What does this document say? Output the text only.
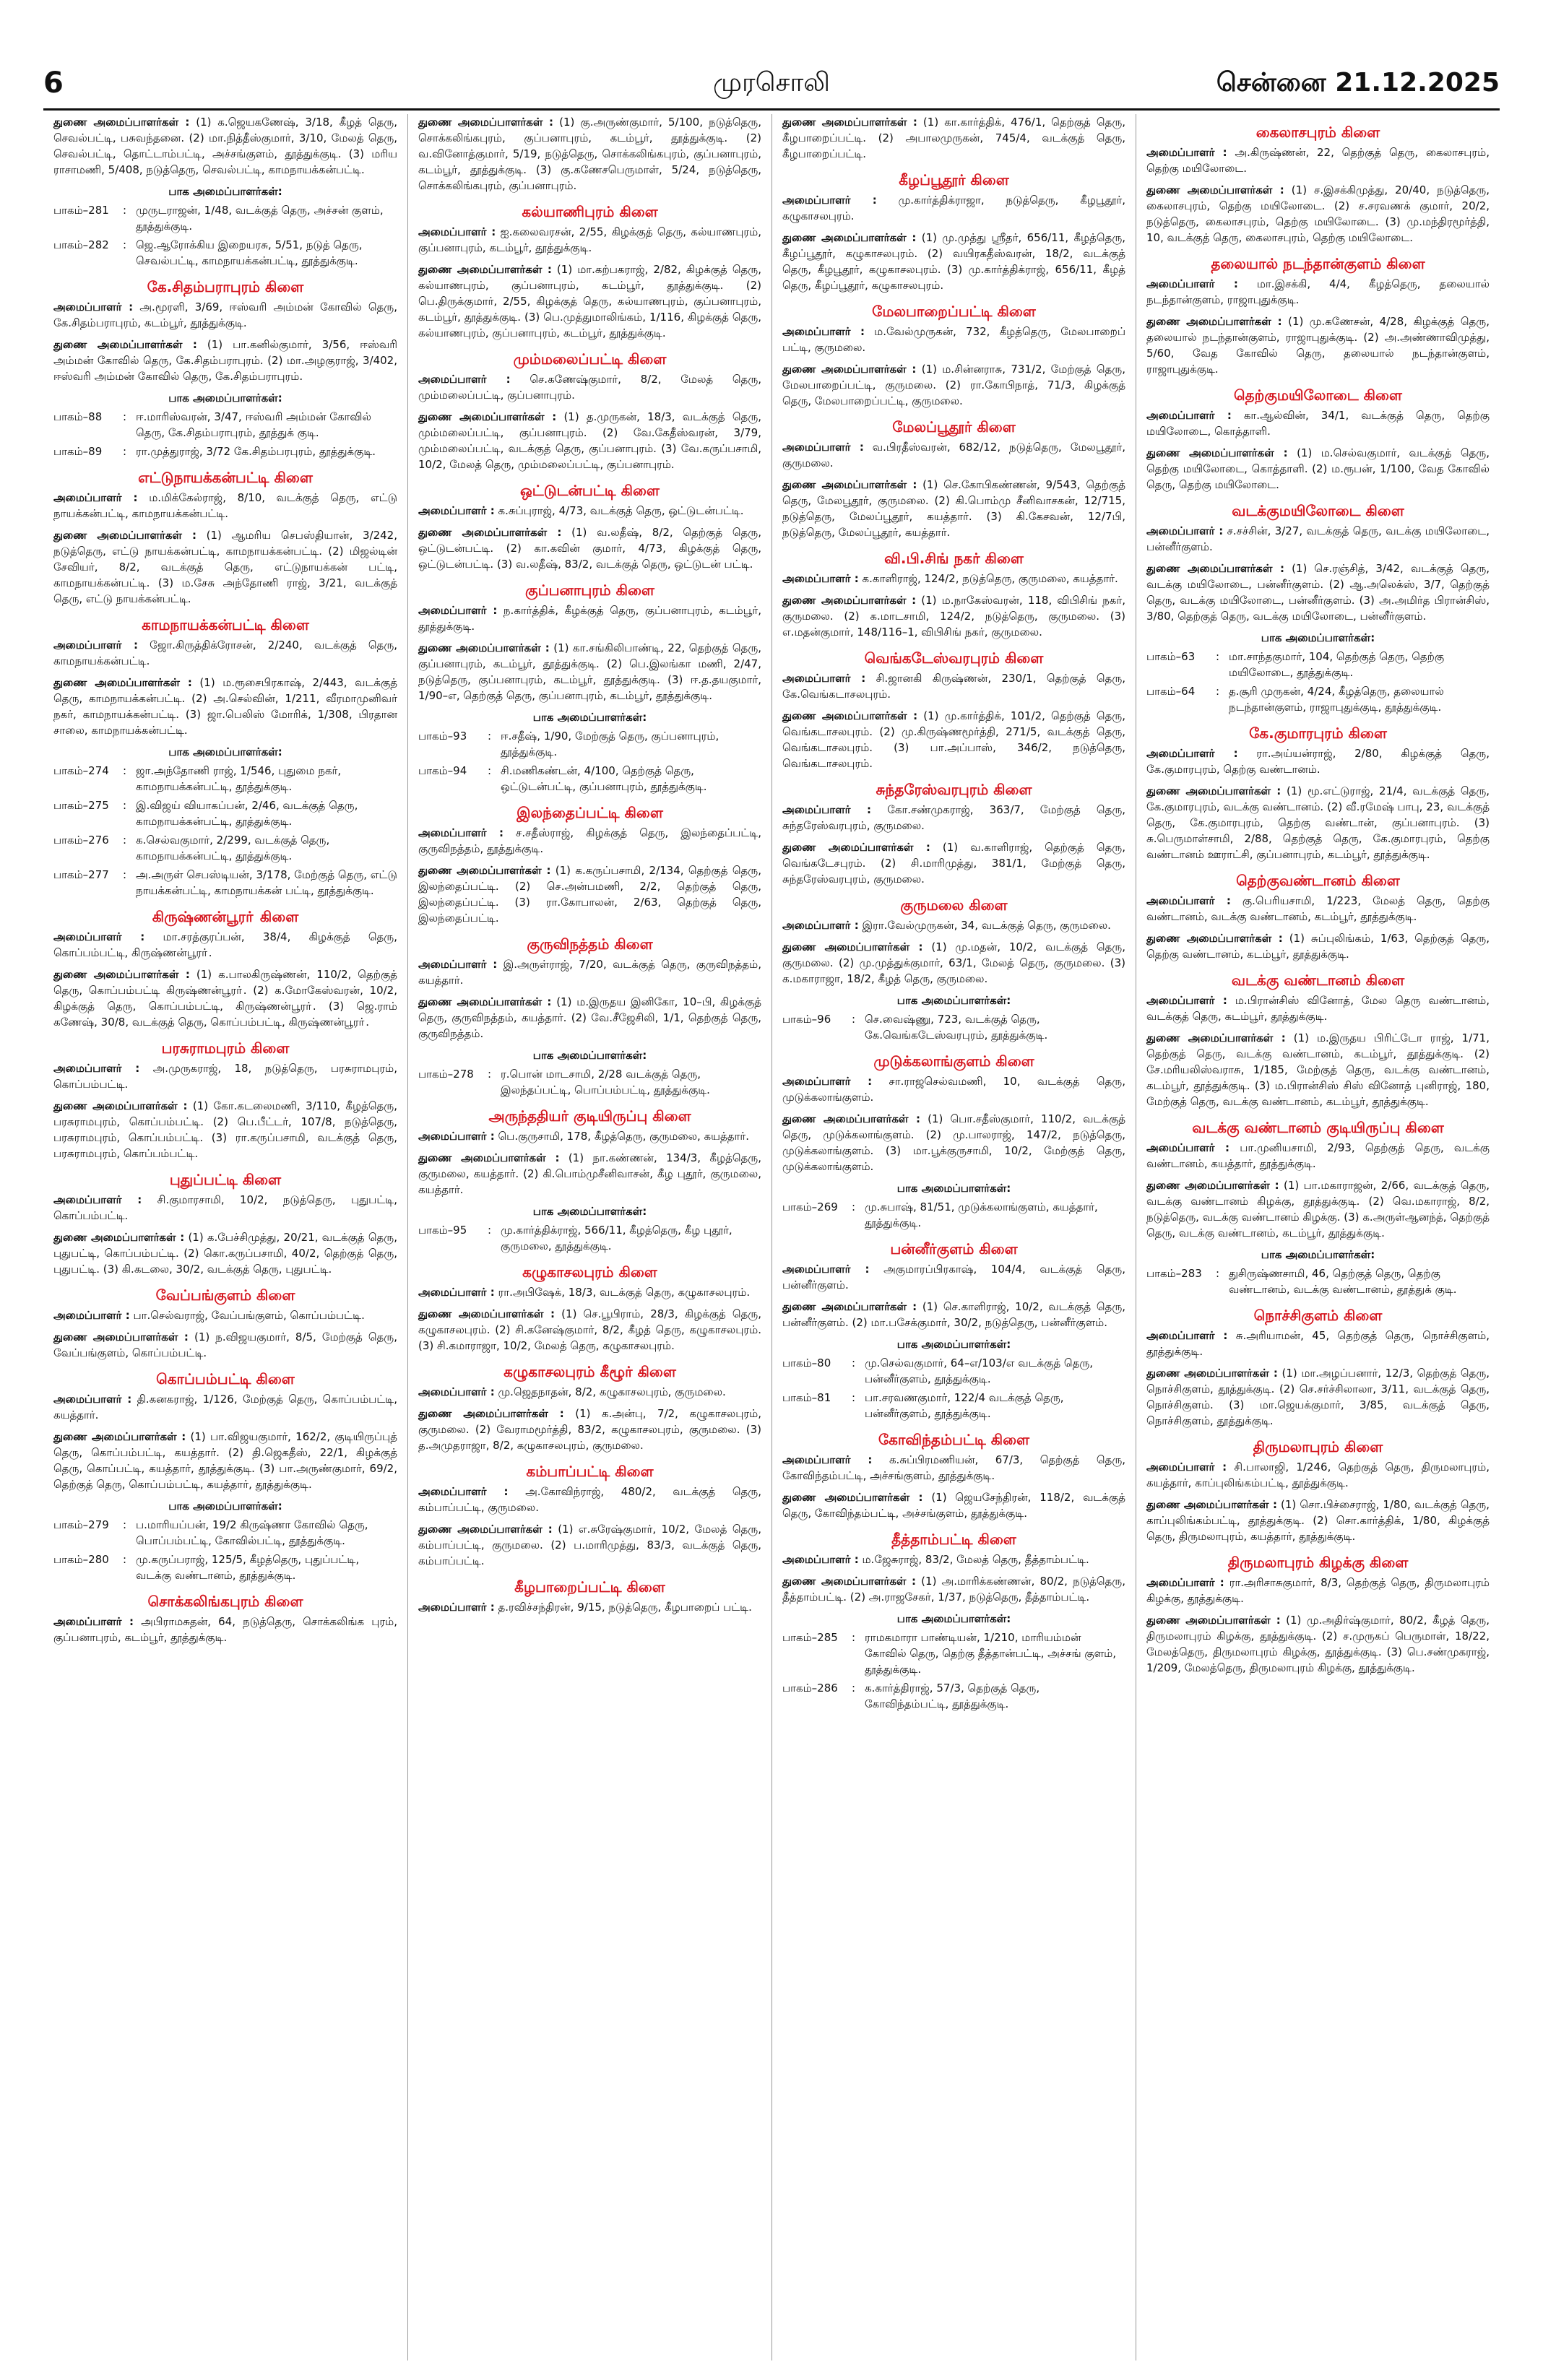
6	முரசொலி	சென்னை 21.12.2025
துணை அமைப்பாளர்கள் : (1) க.ஜெயகணேஷ், 3/18, கீழத் தெரு, செவல்பட்டி, பசுவந்தனை. (2) மா.நித்தீஸ்குமார், 3/10, மேலத் தெரு, செவல்பட்டி, தொட்டாம்பட்டி, அச்சங்குளம், தூத்துக்குடி. (3) மரிய ராசாமணி, 5/408, நடுத்தெரு, செவல்பட்டி, காமநாயக்கன்பட்டி.
பாக அமைப்பாளர்கள்:
பாகம்–281	: முருடராஜன், 1/48, வடக்குத் தெரு, அச்சன் குளம், தூத்துக்குடி.
பாகம்–282	: ஜெ.ஆரோக்கிய இறையரசு, 5/51, நடுத் தெரு, செவல்பட்டி, காமநாயக்கன்பட்டி, தூத்துக்குடி.
கே.சிதம்பராபுரம் கிளை
அமைப்பாளர் : அ.மூரளி, 3/69, ஈஸ்வரி அம்மன் கோவில் தெரு, கே.சிதம்பராபுரம், கடம்பூர், தூத்துக்குடி.
துணை அமைப்பாளர்கள் : (1) பா.கனில்குமார், 3/56, ஈஸ்வரி அம்மன் கோவில் தெரு, கே.சிதம்பராபுரம். (2) மா.அழகுராஜ், 3/402, ஈஸ்வரி அம்மன் கோவில் தெரு, கே.சிதம்பராபுரம்.
பாக அமைப்பாளர்கள்:
பாகம்–88	: ஈ.மாரிஸ்வரன், 3/47, ஈஸ்வரி அம்மன் கோவில் தெரு, கே.சிதம்பராபுரம், தூத்துக் குடி.
பாகம்–89	: ரா.முத்துராஜ், 3/72 கே.சிதம்பரபுரம், தூத்துக்குடி.
எட்டுநாயக்கன்பட்டி கிளை
அமைப்பாளர் : ம.மிக்கேல்ராஜ், 8/10, வடக்குத் தெரு, எட்டு நாயக்கன்பட்டி, காமநாயக்கன்பட்டி.
துணை அமைப்பாளர்கள் : (1) ஆமரிய செபஸ்தியான், 3/242, நடுத்தெரு, எட்டு நாயக்கன்பட்டி, காமநாயக்கன்பட்டி. (2) மிஜல்டின் சேவியர், 8/2, வடக்குத் தெரு, எட்டுநாயக்கன் பட்டி, காமநாயக்கன்பட்டி. (3) ம.சேசு அந்தோணி ராஜ், 3/21, வடக்குத் தெரு, எட்டு நாயக்கன்பட்டி.
காமநாயக்கன்பட்டி கிளை
அமைப்பாளர் : ஜோ.கிருத்திக்ரோசன், 2/240, வடக்குத் தெரு, காமநாயக்கன்பட்டி.
துணை அமைப்பாளர்கள் : (1) ம.ரூசைபிரகாஷ், 2/443, வடக்குத் தெரு, காமநாயக்கன்பட்டி. (2) அ.செல்வின், 1/211, வீரமாமுனிவர் நகர், காமநாயக்கன்பட்டி. (3) ஜா.பெலிஸ் மோரிக், 1/308, பிரதான சாலை, காமநாயக்கன்பட்டி.
பாக அமைப்பாளர்கள்:
பாகம்–274	: ஜா.அந்தோணி ராஜ், 1/546, புதுமை நகர், காமநாயக்கன்பட்டி, தூத்துக்குடி.
பாகம்–275	: இ.விஜய் வியாகப்பன், 2/46, வடக்குத் தெரு, காமநாயக்கன்பட்டி, தூத்துக்குடி.
பாகம்–276	: க.செல்வகுமார், 2/299, வடக்குத் தெரு, காமநாயக்கன்பட்டி, தூத்துக்குடி.
பாகம்–277	: அ.அருள் செபஸ்டியன், 3/178, மேற்குத் தெரு, எட்டு நாயக்கன்பட்டி, காமநாயக்கன் பட்டி, தூத்துக்குடி.
கிருஷ்ணன்பூரா் கிளை
அமைப்பாளர் : மா.சரத்குரப்பன், 38/4, கிழக்குத் தெரு, கொப்பம்பட்டி, கிருஷ்ணன்பூரா்.
துணை அமைப்பாளர்கள் : (1) க.பாலகிருஷ்ணன், 110/2, தெற்குத் தெரு, கொப்பம்பட்டி கிருஷ்ணன்பூரா். (2) க.மோகேஸ்வரன், 10/2, கிழக்குத் தெரு, கொப்பம்பட்டி, கிருஷ்ணன்பூரா். (3) ஜெ.ராம் கணேஷ், 30/8, வடக்குத் தெரு, கொப்பம்பட்டி, கிருஷ்ணன்பூரா்.
பரசுராமபுரம் கிளை
அமைப்பாளர் : அ.முருகராஜ், 18, நடுத்தெரு, பரசுராமபுரம், கொப்பம்பட்டி.
துணை அமைப்பாளர்கள் : (1) கோ.கடலைமணி, 3/110, கீழத்தெரு, பரசுராமபுரம், கொப்பம்பட்டி. (2) பெ.பீட்டர், 107/8, நடுத்தெரு, பரசுராமபுரம், கொப்பம்பட்டி. (3) ரா.கருப்பசாமி, வடக்குத் தெரு, பரசுராமபுரம், கொப்பம்பட்டி.
புதுப்பட்டி கிளை
அமைப்பாளர் : சி.குமாரசாமி, 10/2, நடுத்தெரு, புதுபட்டி, கொப்பம்பட்டி.
துணை அமைப்பாளர்கள் : (1) க.பேச்சிமுத்து, 20/21, வடக்குத் தெரு, புதுபட்டி, கொப்பம்பட்டி. (2) கொ.கருப்பசாமி, 40/2, தெற்குத் தெரு, புதுபட்டி. (3) கி.கடலை, 30/2, வடக்குத் தெரு, புதுபட்டி.
வேப்பங்குளம் கிளை
அமைப்பாளர் : பா.செல்வராஜ், வேப்பங்குளம், கொப்பம்பட்டி.
துணை அமைப்பாளர்கள் : (1) ந.விஜயகுமார், 8/5, மேற்குத் தெரு, வேப்பங்குளம், கொப்பம்பட்டி.
கொப்பம்பட்டி கிளை
அமைப்பாளர் : தி.கனகராஜ், 1/126, மேற்குத் தெரு, கொப்பம்பட்டி, கயத்தார்.
துணை அமைப்பாளர்கள் : (1) பா.விஜயகுமார், 162/2, குடியிருப்புத் தெரு, கொப்பம்பட்டி, கயத்தார். (2) தி.ஜெகதீஸ், 22/1, கிழக்குத் தெரு, கொப்பட்டி, கயத்தார், தூத்துக்குடி. (3) பா.அருண்குமார், 69/2, தெற்குத் தெரு, கொப்பம்பட்டி, கயத்தார், தூத்துக்குடி.
பாக அமைப்பாளர்கள்:
பாகம்–279	: ப.மாரியப்பன், 19/2 கிருஷ்ணா கோவில் தெரு, பொப்பம்பட்டி, கோவில்பட்டி, தூத்துக்குடி.
பாகம்–280	: மு.கருப்பராஜ், 125/5, கீழத்தெரு, புதுப்பட்டி, வடக்கு வண்டானம், தூத்துக்குடி.
சொக்கலிங்கபுரம் கிளை
அமைப்பாளர் : அபிராமசுதன், 64, நடுத்தெரு, சொக்கலிங்க புரம், குப்பனாபுரம், கடம்பூர், தூத்துக்குடி.
துணை அமைப்பாளர்கள் : (1) கு.அருண்குமார், 5/100, நடுத்தெரு, சொக்கலிங்கபுரம், குப்பனாபுரம், கடம்பூர், தூத்துக்குடி. (2) வ.வினோத்குமார், 5/19, நடுத்தெரு, சொக்கலிங்கபுரம், குப்பனாபுரம், கடம்பூர், தூத்துக்குடி. (3) கு.கணேசபெருமாள், 5/24, நடுத்தெரு, சொக்கலிங்கபுரம், குப்பனாபுரம்.
கல்யாணிபுரம் கிளை
அமைப்பாளர் : ஐ.கலைவரசன், 2/55, கிழக்குத் தெரு, கல்யாணபுரம், குப்பனாபுரம், கடம்பூர், தூத்துக்குடி.
துணை அமைப்பாளர்கள் : (1) மா.கற்பகராஜ், 2/82, கிழக்குத் தெரு, கல்யாணபுரம், குப்பனாபுரம், கடம்பூர், தூத்துக்குடி. (2) பெ.திருக்குமார், 2/55, கிழக்குத் தெரு, கல்யாணபுரம், குப்பனாபுரம், கடம்பூர், தூத்துக்குடி. (3) பெ.முத்துமாலிங்கம், 1/116, கிழக்குத் தெரு, கல்யாணபுரம், குப்பனாபுரம், கடம்பூர், தூத்துக்குடி.
மும்மலைப்பட்டி கிளை
அமைப்பாளர் : செ.கணேஷ்குமார், 8/2, மேலத் தெரு, மும்மலைப்பட்டி, குப்பனாபுரம்.
துணை அமைப்பாளர்கள் : (1) த.முருகன், 18/3, வடக்குத் தெரு, மும்மலைப்பட்டி, குப்பனாபுரம். (2) வே.கேதீஸ்வரன், 3/79, மும்மலைப்பட்டி, வடக்குத் தெரு, குப்பனாபுரம். (3) வே.கருப்பசாமி, 10/2, மேலத் தெரு, மும்மலைப்பட்டி, குப்பனாபுரம்.
ஒட்டுடன்பட்டி கிளை
அமைப்பாளர் : க.சுப்புராஜ், 4/73, வடக்குத் தெரு, ஒட்டுடன்பட்டி.
துணை அமைப்பாளர்கள் : (1) வ.லதீஷ், 8/2, தெற்குத் தெரு, ஒட்டுடன்பட்டி. (2) கா.கவின் குமார், 4/73, கிழக்குத் தெரு, ஒட்டுடன்பட்டி. (3) வ.லதீஷ், 83/2, வடக்குத் தெரு, ஒட்டுடன் பட்டி.
குப்பனாபுரம் கிளை
அமைப்பாளர் : ந.கார்த்திக், கீழக்குத் தெரு, குப்பனாபுரம், கடம்பூர், தூத்துக்குடி.
துணை அமைப்பாளர்கள் : (1) கா.சங்கிலிபாண்டி, 22, தெற்குத் தெரு, குப்பனாபுரம், கடம்பூர், தூத்துக்குடி. (2) பெ.இலங்கா மணி, 2/47, நடுத்தெரு, குப்பனாபுரம், கடம்பூர், தூத்துக்குடி. (3) ஈ.த.தயகுமார், 1/90–எ, தெற்குத் தெரு, குப்பனாபுரம், கடம்பூர், தூத்துக்குடி.
பாக அமைப்பாளர்கள்:
பாகம்–93	: ஈ.சதீஷ், 1/90, மேற்குத் தெரு, குப்பனாபுரம், தூத்துக்குடி.
பாகம்–94	: சி.மணிகண்டன், 4/100, தெற்குத் தெரு, ஒட்டுடன்பட்டி, குப்பனாபுரம், தூத்துக்குடி.
இலந்தைப்பட்டி கிளை
அமைப்பாளர் : ச.சதீஸ்ராஜ், கிழக்குத் தெரு, இலந்தைப்பட்டி, குருவிநத்தம், தூத்துக்குடி.
துணை அமைப்பாளர்கள் : (1) க.கருப்பசாமி, 2/134, தெற்குத் தெரு, இலந்தைப்பட்டி. (2) செ.அன்பமணி, 2/2, தெற்குத் தெரு, இலந்தைப்பட்டி. (3) ரா.கோபாலன், 2/63, தெற்குத் தெரு, இலந்தைப்பட்டி.
குருவிநத்தம் கிளை
அமைப்பாளர் : இ.அருள்ராஜ், 7/20, வடக்குத் தெரு, குருவிநத்தம், கயத்தார்.
துணை அமைப்பாளர்கள் : (1) ம.இருதய இனிகோ, 10–பி, கிழக்குத் தெரு, குருவிநத்தம், கயத்தார். (2) வே.சீஜேசிலி, 1/1, தெற்குத் தெரு, குருவிநத்தம்.
பாக அமைப்பாளர்கள்:
பாகம்–278	: ர.பொன் மாடசாமி, 2/28 வடக்குத் தெரு, இலந்தப்பட்டி, பொப்பம்பட்டி, தூத்துக்குடி.
அருந்ததியர் குடியிருப்பு கிளை
அமைப்பாளர் : பெ.குருசாமி, 178, கீழத்தெரு, குருமலை, கயத்தார்.
துணை அமைப்பாளர்கள் : (1) நா.கண்ணன், 134/3, கீழத்தெரு, குருமலை, கயத்தார். (2) கி.பொம்முசீனிவாசன், கீழ புதூர், குருமலை, கயத்தார்.
பாக அமைப்பாளர்கள்:
பாகம்–95	: மு.கார்த்திக்ராஜ், 566/11, கீழத்தெரு, கீழ புதூர், குருமலை, தூத்துக்குடி.
கழுகாசலபுரம் கிளை
அமைப்பாளர் : ரா.அபிஷேக், 18/3, வடக்குத் தெரு, கழுகாசலபுரம்.
துணை அமைப்பாளர்கள் : (1) செ.பூபிராம், 28/3, கிழக்குத் தெரு, கழுகாசலபுரம். (2) சி.கனேஷ்குமார், 8/2, கீழத் தெரு, கழுகாசலபுரம். (3) சி.கமாராஜா, 10/2, மேலத் தெரு, கழுகாசலபுரம்.
கழுகாசலபுரம் கீழூர் கிளை
அமைப்பாளர் : மு.ஜெதநாதன், 8/2, கழுகாசலபுரம், குருமலை.
துணை அமைப்பாளர்கள் : (1) க.அன்பு, 7/2, கழுகாசலபுரம், குருமலை. (2) வேராமமூர்த்தி, 83/2, கழுகாசலபுரம், குருமலை. (3) த.அமுதராஜா, 8/2, கழுகாசலபுரம், குருமலை.
கம்பாப்பட்டி கிளை
அமைப்பாளர் : அ.கோவிந்ராஜ், 480/2, வடக்குத் தெரு, கம்பாப்பட்டி, குருமலை.
துணை அமைப்பாளர்கள் : (1) எ.சுரேஷ்குமார், 10/2, மேலத் தெரு, கம்பாப்பட்டி, குருமலை. (2) ப.மாரிமுத்து, 83/3, வடக்குத் தெரு, கம்பாப்பட்டி.
கீழபாறைப்பட்டி கிளை
அமைப்பாளர் : த.ரவிச்சந்திரன், 9/15, நடுத்தெரு, கீழபாறைப் பட்டி.
துணை அமைப்பாளர்கள் : (1) கா.கார்த்திக், 476/1, தெற்குத் தெரு, கீழபாறைப்பட்டி. (2) அபாலமுருகன், 745/4, வடக்குத் தெரு, கீழபாறைப்பட்டி.
கீழப்பூதூர் கிளை
அமைப்பாளர் : மு.கார்த்திக்ராஜா, நடுத்தெரு, கீழபூதூர், கழுகாசலபுரம்.
துணை அமைப்பாளர்கள் : (1) மு.முத்து ஸ்ரீதர், 656/11, கீழத்தெரு, கீழப்பூதூர், கழுகாசலபுரம். (2) வயிரகதீஸ்வரன், 18/2, வடக்குத் தெரு, கீழபூதூர், கழுகாசலபுரம். (3) மு.கார்த்திக்ராஜ், 656/11, கீழத் தெரு, கீழப்பூதூர், கழுகாசலபுரம்.
மேலபாறைப்பட்டி கிளை
அமைப்பாளர் : ம.வேல்முருகன், 732, கீழத்தெரு, மேலபாறைப் பட்டி, குருமலை.
துணை அமைப்பாளர்கள் : (1) ம.சின்னராசு, 731/2, மேற்குத் தெரு, மேலபாறைப்பட்டி, குருமலை. (2) ரா.கோபிநாத், 71/3, கிழக்குத் தெரு, மேலபாறைப்பட்டி, குருமலை.
மேலப்பூதூர் கிளை
அமைப்பாளர் : வ.பிரதீஸ்வரன், 682/12, நடுத்தெரு, மேலபூதூர், குருமலை.
துணை அமைப்பாளர்கள் : (1) செ.கோபிகண்ணன், 9/543, தெற்குத் தெரு, மேலபூதூர், குருமலை. (2) கி.பொம்மு சீனிவாசகன், 12/715, நடுத்தெரு, மேலப்பூதூர், கயத்தார். (3) கி.கேசவன், 12/7பி, நடுத்தெரு, மேலப்பூதூர், கயத்தார்.
வி.பி.சிங் நகர் கிளை
அமைப்பாளர் : க.காளிராஜ், 124/2, நடுத்தெரு, குருமலை, கயத்தார்.
துணை அமைப்பாளர்கள் : (1) ம.நாகேஸ்வரன், 118, விபிசிங் நகர், குருமலை. (2) க.மாடசாமி, 124/2, நடுத்தெரு, குருமலை. (3) எ.மதன்குமார், 148/116–1, விபிசிங் நகர், குருமலை.
வெங்கடேஸ்வரபுரம் கிளை
அமைப்பாளர் : சி.ஜானகி கிருஷ்ணன், 230/1, தெற்குத் தெரு, கே.வெங்கடாசலபுரம்.
துணை அமைப்பாளர்கள் : (1) மு.கார்த்திக், 101/2, தெற்குத் தெரு, வெங்கடாசலபுரம். (2) மு.கிருஷ்ணமூர்த்தி, 271/5, வடக்குத் தெரு, வெங்கடாசலபுரம். (3) பா.அப்பாஸ், 346/2, நடுத்தெரு, வெங்கடாசலபுரம்.
சுந்தரேஸ்வரபுரம் கிளை
அமைப்பாளர் : கோ.சண்முகராஜ், 363/7, மேற்குத் தெரு, சுந்தரேஸ்வரபுரம், குருமலை.
துணை அமைப்பாளர்கள் : (1) வ.காளிராஜ், தெற்குத் தெரு, வெங்கடேசபுரம். (2) சி.மாரிமுத்து, 381/1, மேற்குத் தெரு, சுந்தரேஸ்வரபுரம், குருமலை.
குருமலை கிளை
அமைப்பாளர் : இரா.வேல்முருகன், 34, வடக்குத் தெரு, குருமலை.
துணை அமைப்பாளர்கள் : (1) மு.மதன், 10/2, வடக்குத் தெரு, குருமலை. (2) மு.முத்துக்குமார், 63/1, மேலத் தெரு, குருமலை. (3) க.மகாராஜா, 18/2, கீழத் தெரு, குருமலை.
பாக அமைப்பாளர்கள்:
பாகம்–96	: செ.வைஷ்ணு, 723, வடக்குத் தெரு, கே.வெங்கடேஸ்வரபுரம், தூத்துக்குடி.
முடுக்கலாங்குளம் கிளை
அமைப்பாளர் : சா.ராஜசெல்வமணி, 10, வடக்குத் தெரு, முடுக்கலாங்குளம்.
துணை அமைப்பாளர்கள் : (1) பொ.சதீஸ்குமார், 110/2, வடக்குத் தெரு, முடுக்கலாங்குளம். (2) மு.பாலராஜ், 147/2, நடுத்தெரு, முடுக்கலாங்குளம். (3) மா.பூக்குருசாமி, 10/2, மேற்குத் தெரு, முடுக்கலாங்குளம்.
பாக அமைப்பாளர்கள்:
பாகம்–269	: மு.சுபாஷ், 81/51, முடுக்கலாங்குளம், கயத்தார், தூத்துக்குடி.
பன்னீர்குளம் கிளை
அமைப்பாளர் : அகுமாரப்பிரகாஷ், 104/4, வடக்குத் தெரு, பன்னீர்குளம்.
துணை அமைப்பாளர்கள் : (1) செ.காளிராஜ், 10/2, வடக்குத் தெரு, பன்னீர்குளம். (2) மா.பசேக்குமார், 30/2, நடுத்தெரு, பன்னீர்குளம்.
பாக அமைப்பாளர்கள்:
பாகம்–80	: மு.செல்வகுமார், 64–எ/103/எ வடக்குத் தெரு, பன்னீர்குளம், தூத்துக்குடி.
பாகம்–81	: பா.சரவணகுமார், 122/4 வடக்குத் தெரு, பன்னீர்குளம், தூத்துக்குடி.
கோவிந்தம்பட்டி கிளை
அமைப்பாளர் : க.சுப்பிரமணியன், 67/3, தெற்குத் தெரு, கோவிந்தம்பட்டி, அச்சங்குளம், தூத்துக்குடி.
துணை அமைப்பாளர்கள் : (1) ஜெயசேந்திரன், 118/2, வடக்குத் தெரு, கோவிந்தம்பட்டி, அச்சங்குளம், தூத்துக்குடி.
தீத்தாம்பட்டி கிளை
அமைப்பாளர் : ம.ஜேசுராஜ், 83/2, மேலத் தெரு, தீத்தாம்பட்டி.
துணை அமைப்பாளர்கள் : (1) அ.மாரிக்கண்ணன், 80/2, நடுத்தெரு, தீத்தாம்பட்டி. (2) அ.ராஜசேகர், 1/37, நடுத்தெரு, தீத்தாம்பட்டி.
பாக அமைப்பாளர்கள்:
பாகம்–285	: ராமகமாரா பாண்டியன், 1/210, மாரியம்மன் கோவில் தெரு, தெற்கு தீத்தான்பட்டி, அச்சங் குளம், தூத்துக்குடி.
பாகம்–286	: க.கார்த்திராஜ், 57/3, தெற்குத் தெரு, கோவிந்தம்பட்டி, தூத்துக்குடி.
கைலாசபுரம் கிளை
அமைப்பாளர் : அ.கிருஷ்ணன், 22, தெற்குத் தெரு, கைலாசபுரம், தெற்கு மயிலோடை.
துணை அமைப்பாளர்கள் : (1) ச.இசக்கிமுத்து, 20/40, நடுத்தெரு, கைலாசபுரம், தெற்கு மயிலோடை. (2) ச.சரவணக் குமார், 20/2, நடுத்தெரு, கைலாசபுரம், தெற்கு மயிலோடை. (3) மு.மந்திரமூர்த்தி, 10, வடக்குத் தெரு, கைலாசபுரம், தெற்கு மயிலோடை.
தலையால் நடந்தான்குளம் கிளை
அமைப்பாளர் : மா.இசக்கி, 4/4, கீழத்தெரு, தலையால் நடந்தான்குளம், ராஜாபுதுக்குடி.
துணை அமைப்பாளர்கள் : (1) மு.கணேசன், 4/28, கிழக்குத் தெரு, தலையால் நடந்தான்குளம், ராஜாபுதுக்குடி. (2) அ.அண்ணாவிமுத்து, 5/60, வேத கோவில் தெரு, தலையால் நடந்தான்குளம், ராஜாபுதுக்குடி.
தெற்குமயிலோடை கிளை
அமைப்பாளர் : கா.ஆல்வின், 34/1, வடக்குத் தெரு, தெற்கு மயிலோடை, கொத்தாளி.
துணை அமைப்பாளர்கள் : (1) ம.செல்வகுமார், வடக்குத் தெரு, தெற்கு மயிலோடை, கொத்தாளி. (2) ம.ரூபன், 1/100, வேத கோவில் தெரு, தெற்கு மயிலோடை.
வடக்குமயிலோடை கிளை
அமைப்பாளர் : ச.சச்சின், 3/27, வடக்குத் தெரு, வடக்கு மயிலோடை, பன்னீர்குளம்.
துணை அமைப்பாளர்கள் : (1) செ.ரஞ்சித், 3/42, வடக்குத் தெரு, வடக்கு மயிலோடை, பன்னீர்குளம். (2) ஆ.அலெக்ஸ், 3/7, தெற்குத் தெரு, வடக்கு மயிலோடை, பன்னீர்குளம். (3) அ.அமிர்த பிரான்சிஸ், 3/80, தெற்குத் தெரு, வடக்கு மயிலோடை, பன்னீர்குளம்.
பாக அமைப்பாளர்கள்:
பாகம்–63	: மா.சாந்தகுமார், 104, தெற்குத் தெரு, தெற்கு மயிலோடை, தூத்துக்குடி.
பாகம்–64	: த.சூரி முருகன், 4/24, கீழத்தெரு, தலையால் நடந்தான்குளம், ராஜாபுதுக்குடி, தூத்துக்குடி.
கே.குமாரபுரம் கிளை
அமைப்பாளர் : ரா.அய்யன்ராஜ், 2/80, கிழக்குத் தெரு, கே.குமாரபுரம், தெற்கு வண்டானம்.
துணை அமைப்பாளர்கள் : (1) மூ.எட்டுராஜ், 21/4, வடக்குத் தெரு, கே.குமாரபுரம், வடக்கு வண்டானம். (2) வீ.ரமேஷ் பாபு, 23, வடக்குத் தெரு, கே.குமாரபுரம், தெற்கு வண்டான், குப்பனாபுரம். (3) சு.பெருமாள்சாமி, 2/88, தெற்குத் தெரு, கே.குமாரபுரம், தெற்கு வண்டானம் ஊராட்சி, குப்பனாபுரம், கடம்பூர், தூத்துக்குடி.
தெற்குவண்டானம் கிளை
அமைப்பாளர் : கு.பெரியசாமி, 1/223, மேலத் தெரு, தெற்கு வண்டானம், வடக்கு வண்டானம், கடம்பூர், தூத்துக்குடி.
துணை அமைப்பாளர்கள் : (1) சுப்புலிங்கம், 1/63, தெற்குத் தெரு, தெற்கு வண்டானம், கடம்பூர், தூத்துக்குடி.
வடக்கு வண்டானம் கிளை
அமைப்பாளர் : ம.பிரான்சிஸ் வினோத், மேல தெரு வண்டானம், வடக்குத் தெரு, கடம்பூர், தூத்துக்குடி.
துணை அமைப்பாளர்கள் : (1) ம.இருதய பிரிட்டோ ராஜ், 1/71, தெற்குத் தெரு, வடக்கு வண்டானம், கடம்பூர், தூத்துக்குடி. (2) சே.மரியலிஸ்வராசு, 1/185, மேற்குத் தெரு, வடக்கு வண்டானம், கடம்பூர், தூத்துக்குடி. (3) ம.பிரான்சிஸ் சிஸ் வினோத் புனிராஜ், 180, மேற்குத் தெரு, வடக்கு வண்டானம், கடம்பூர், தூத்துக்குடி.
வடக்கு வண்டானம் குடியிருப்பு கிளை
அமைப்பாளர் : பா.முனியசாமி, 2/93, தெற்குத் தெரு, வடக்கு வண்டானம், கயத்தார், தூத்துக்குடி.
துணை அமைப்பாளர்கள் : (1) பா.மகாராஜன், 2/66, வடக்குத் தெரு, வடக்கு வண்டானம் கிழக்கு, தூத்துக்குடி. (2) வெ.மகாராஜ், 8/2, நடுத்தெரு, வடக்கு வண்டானம் கிழக்கு. (3) க.அருள்ஆனந்த், தெற்குத் தெரு, வடக்கு வண்டானம், கடம்பூர், தூத்துக்குடி.
பாக அமைப்பாளர்கள்:
பாகம்–283	: துசிருஷ்ணசாமி, 46, தெற்குத் தெரு, தெற்கு வண்டானம், வடக்கு வண்டானம், தூத்துக் குடி.
நொச்சிகுளம் கிளை
அமைப்பாளர் : சு.அரியாமன், 45, தெற்குத் தெரு, நொச்சிகுளம், தூத்துக்குடி.
துணை அமைப்பாளர்கள் : (1) மா.அழப்பனார், 12/3, தெற்குத் தெரு, நொச்சிகுளம், தூத்துக்குடி. (2) செ.சர்ச்சிலாலா, 3/11, வடக்குத் தெரு, நொச்சிகுளம். (3) மா.ஜெயக்குமார், 3/85, வடக்குத் தெரு, நொச்சிகுளம், தூத்துக்குடி.
திருமலாபுரம் கிளை
அமைப்பாளர் : சி.பாலாஜி, 1/246, தெற்குத் தெரு, திருமலாபுரம், கயத்தார், காப்புலிங்கம்பட்டி, தூத்துக்குடி.
துணை அமைப்பாளர்கள் : (1) சொ.பிச்சைராஜ், 1/80, வடக்குத் தெரு, காப்புலிங்கம்பட்டி, தூத்துக்குடி. (2) சொ.கார்த்திக், 1/80, கிழக்குத் தெரு, திருமலாபுரம், கயத்தார், தூத்துக்குடி.
திருமலாபுரம் கிழக்கு கிளை
அமைப்பாளர் : ரா.அரிசாசுகுமார், 8/3, தெற்குத் தெரு, திருமலாபுரம் கிழக்கு, தூத்துக்குடி.
துணை அமைப்பாளர்கள் : (1) மு.அதிர்ஷ்குமார், 80/2, கீழத் தெரு, திருமலாபுரம் கிழக்கு, தூத்துக்குடி. (2) ச.முருகப் பெருமாள், 18/22, மேலத்தெரு, திருமலாபுரம் கிழக்கு, தூத்துக்குடி. (3) பெ.சண்முகராஜ், 1/209, மேலத்தெரு, திருமலாபுரம் கிழக்கு, தூத்துக்குடி.
